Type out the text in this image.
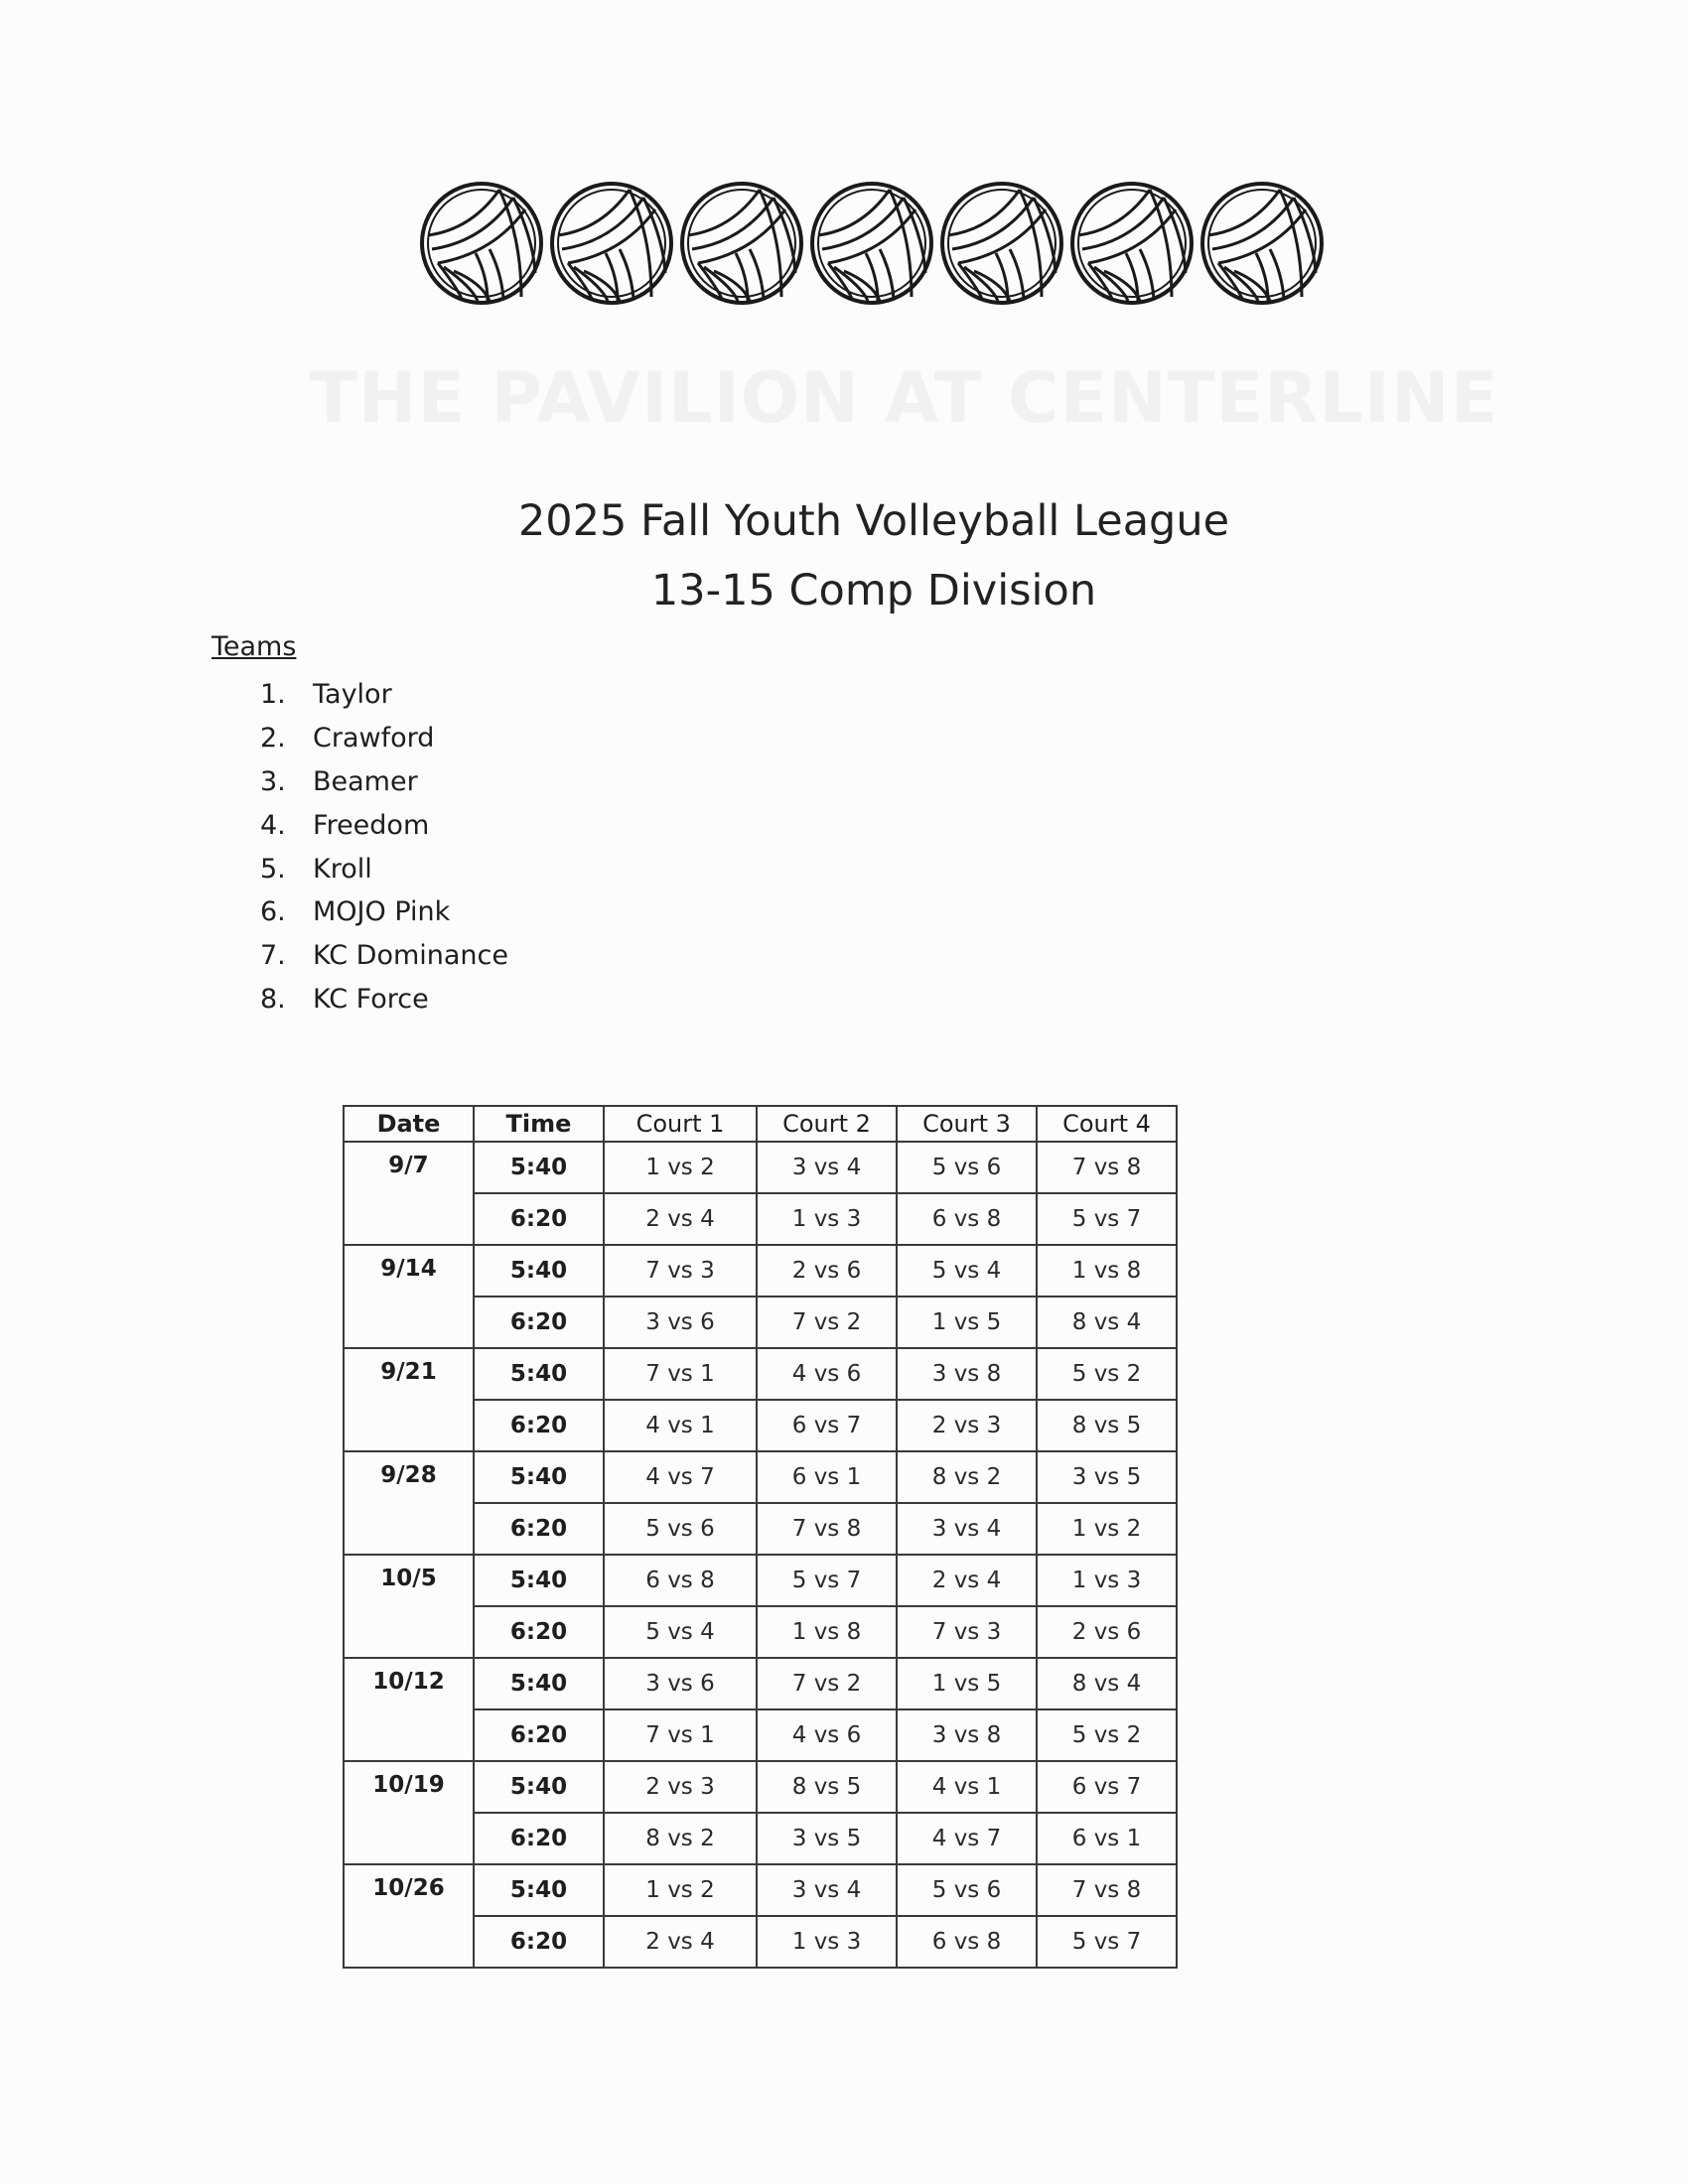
THE PAVILION AT CENTERLINE
2025 Fall Youth Volleyball League
13-15 Comp Division
Teams
1.	Taylor
2.	Crawford
3.	Beamer
4.	Freedom
5.	Kroll
6.	MOJO Pink
7.	KC Dominance
8.	KC Force
Date	Time	Court 1	Court 2	Court 3	Court 4
9/7	5:40	1 vs 2	3 vs 4	5 vs 6	7 vs 8
	6:20	2 vs 4	1 vs 3	6 vs 8	5 vs 7
9/14	5:40	7 vs 3	2 vs 6	5 vs 4	1 vs 8
	6:20	3 vs 6	7 vs 2	1 vs 5	8 vs 4
9/21	5:40	7 vs 1	4 vs 6	3 vs 8	5 vs 2
	6:20	4 vs 1	6 vs 7	2 vs 3	8 vs 5
9/28	5:40	4 vs 7	6 vs 1	8 vs 2	3 vs 5
	6:20	5 vs 6	7 vs 8	3 vs 4	1 vs 2
10/5	5:40	6 vs 8	5 vs 7	2 vs 4	1 vs 3
	6:20	5 vs 4	1 vs 8	7 vs 3	2 vs 6
10/12	5:40	3 vs 6	7 vs 2	1 vs 5	8 vs 4
	6:20	7 vs 1	4 vs 6	3 vs 8	5 vs 2
10/19	5:40	2 vs 3	8 vs 5	4 vs 1	6 vs 7
	6:20	8 vs 2	3 vs 5	4 vs 7	6 vs 1
10/26	5:40	1 vs 2	3 vs 4	5 vs 6	7 vs 8
	6:20	2 vs 4	1 vs 3	6 vs 8	5 vs 7
